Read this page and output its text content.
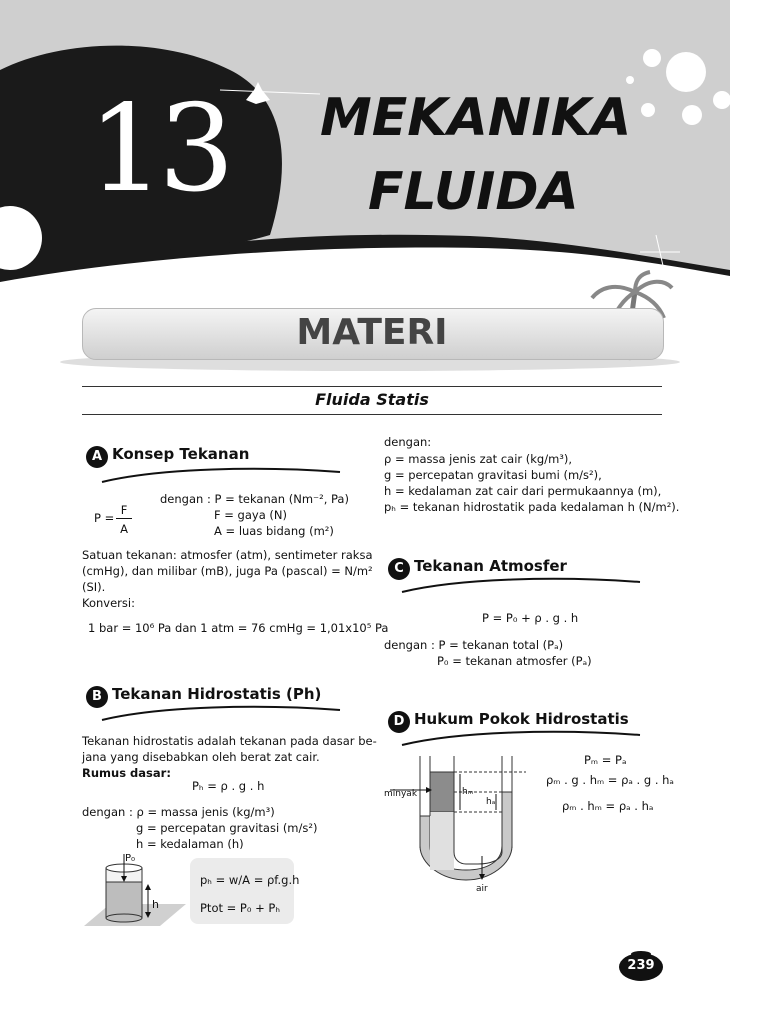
13 MEKANIKA
FLUIDA
MATERI
Fluida Statis
A Konsep Tekanan
P =
F
A
dengan : P = tekanan (Nm⁻², Pa)
F = gaya (N)
A = luas bidang (m²)
Satuan tekanan: atmosfer (atm), sentimeter raksa
(cmHg), dan milibar (mB), juga Pa (pascal) = N/m²
(SI).
Konversi:
1 bar = 10⁶ Pa dan 1 atm = 76 cmHg = 1,01x10⁵ Pa
B Tekanan Hidrostatis (Ph)
Tekanan hidrostatis adalah tekanan pada dasar be-
jana yang disebabkan oleh berat zat cair.
Rumus dasar:
Pₕ = ρ . g . h
dengan : ρ = massa jenis (kg/m³)
g = percepatan gravitasi (m/s²)
h = kedalaman (h)
P₀
h
pₕ = w/A = ρf.g.h
Ptot = P₀ + Pₕ
dengan:
ρ = massa jenis zat cair (kg/m³),
g = percepatan gravitasi bumi (m/s²),
h = kedalaman zat cair dari permukaannya (m),
pₕ = tekanan hidrostatik pada kedalaman h (N/m²).
C Tekanan Atmosfer
P = P₀ + ρ . g . h
dengan : P = tekanan total (Pₐ)
P₀ = tekanan atmosfer (Pₐ)
D Hukum Pokok Hidrostatis
minyak	hₘ
hₐ
air
Pₘ = Pₐ
ρₘ . g . hₘ = ρₐ . g . hₐ
ρₘ . hₘ = ρₐ . hₐ
239
